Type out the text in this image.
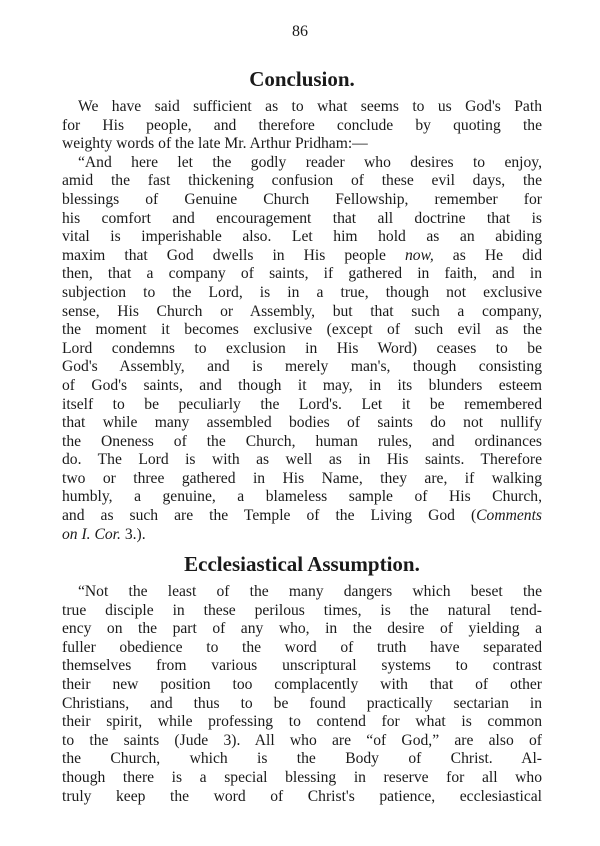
86
Conclusion.
We have said sufficient as to what seems to us God's Path
for His people, and therefore conclude by quoting the
weighty words of the late Mr. Arthur Pridham:—
“And here let the godly reader who desires to enjoy,
amid the fast thickening confusion of these evil days, the
blessings of Genuine Church Fellowship, remember for
his comfort and encouragement that all doctrine that is
vital is imperishable also. Let him hold as an abiding
maxim that God dwells in His people now, as He did
then, that a company of saints, if gathered in faith, and in
subjection to the Lord, is in a true, though not exclusive
sense, His Church or Assembly, but that such a company,
the moment it becomes exclusive (except of such evil as the
Lord condemns to exclusion in His Word) ceases to be
God's Assembly, and is merely man's, though consisting
of God's saints, and though it may, in its blunders esteem
itself to be peculiarly the Lord's. Let it be remembered
that while many assembled bodies of saints do not nullify
the Oneness of the Church, human rules, and ordinances
do. The Lord is with as well as in His saints. Therefore
two or three gathered in His Name, they are, if walking
humbly, a genuine, a blameless sample of His Church,
and as such are the Temple of the Living God (Comments
on I. Cor. 3.).
Ecclesiastical Assumption.
“Not the least of the many dangers which beset the
true disciple in these perilous times, is the natural tend-
ency on the part of any who, in the desire of yielding a
fuller obedience to the word of truth have separated
themselves from various unscriptural systems to contrast
their new position too complacently with that of other
Christians, and thus to be found practically sectarian in
their spirit, while professing to contend for what is common
to the saints (Jude 3). All who are “of God,” are also of
the Church, which is the Body of Christ. Al-
though there is a special blessing in reserve for all who
truly keep the word of Christ's patience, ecclesiastical
